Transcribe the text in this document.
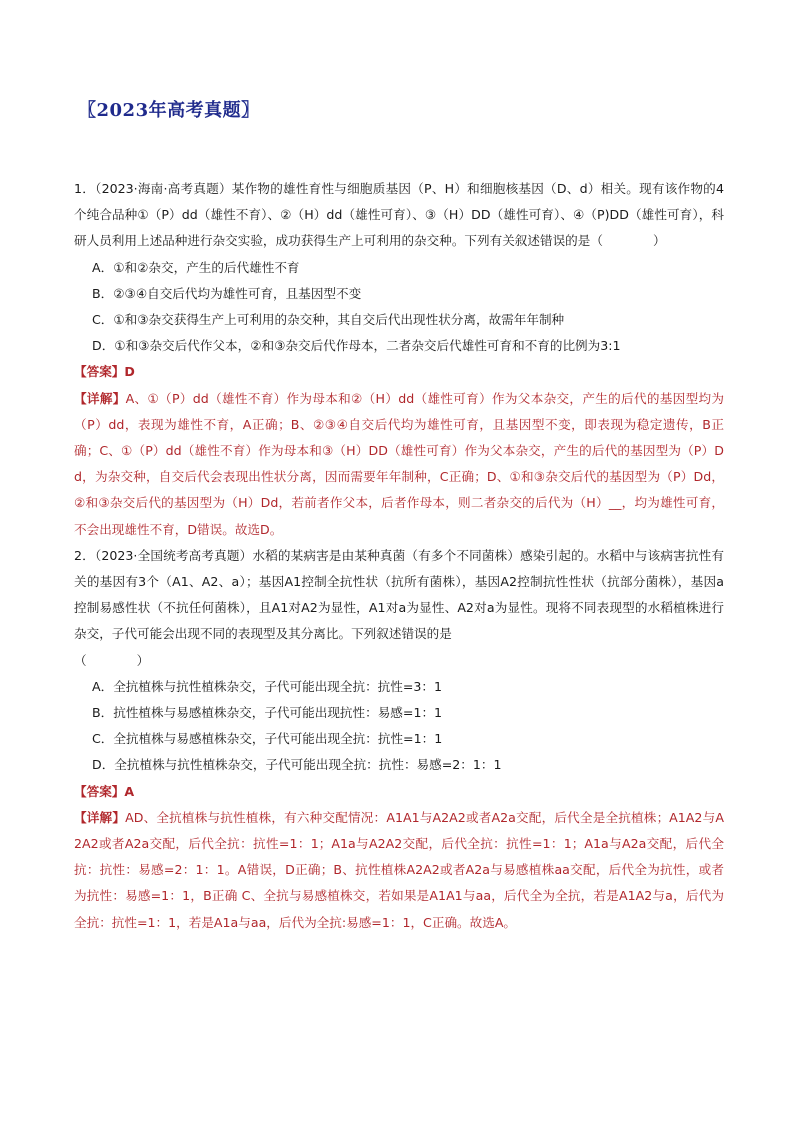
〖2023年高考真题〗

1．（2023·海南·高考真题）某作物的雄性育性与细胞质基因（P、H）和细胞核基因（D、d）相关。现有该作物的4个纯合品种①（P）dd（雄性不育）、②（H）dd（雄性可育）、③（H）DD（雄性可育）、④（P)DD（雄性可育），科研人员利用上述品种进行杂交实验，成功获得生产上可利用的杂交种。下列有关叙述错误的是（	）

A．①和②杂交，产生的后代雄性不育

B．②③④自交后代均为雄性可育，且基因型不变

C．①和③杂交获得生产上可利用的杂交种，其自交后代出现性状分离，故需年年制种

D．①和③杂交后代作父本，②和③杂交后代作母本，二者杂交后代雄性可育和不育的比例为3:1

【答案】D

【详解】A、①（P）dd（雄性不育）作为母本和②（H）dd（雄性可育）作为父本杂交，产生的后代的基因型均为（P）dd，表现为雄性不育，A正确；B、②③④自交后代均为雄性可育，且基因型不变，即表现为稳定遗传，B正确；C、①（P）dd（雄性不育）作为母本和③（H）DD（雄性可育）作为父本杂交，产生的后代的基因型为（P）Dd，为杂交种，自交后代会表现出性状分离，因而需要年年制种，C正确；D、①和③杂交后代的基因型为（P）Dd，②和③杂交后代的基因型为（H）Dd，若前者作父本，后者作母本，则二者杂交的后代为（H）__，均为雄性可育，不会出现雄性不育，D错误。故选D。

2．（2023·全国统考高考真题）水稻的某病害是由某种真菌（有多个不同菌株）感染引起的。水稻中与该病害抗性有关的基因有3个（A1、A2、a）；基因A1控制全抗性状（抗所有菌株），基因A2控制抗性性状（抗部分菌株），基因a控制易感性状（不抗任何菌株），且A1对A2为显性，A1对a为显性、A2对a为显性。现将不同表现型的水稻植株进行杂交，子代可能会出现不同的表现型及其分离比。下列叙述错误的是
（	）

A．全抗植株与抗性植株杂交，子代可能出现全抗：抗性=3：1

B．抗性植株与易感植株杂交，子代可能出现抗性：易感=1：1

C．全抗植株与易感植株杂交，子代可能出现全抗：抗性=1：1

D．全抗植株与抗性植株杂交，子代可能出现全抗：抗性：易感=2：1：1

【答案】A

【详解】AD、全抗植株与抗性植株，有六种交配情况：A1A1与A2A2或者A2a交配，后代全是全抗植株；A1A2与A2A2或者A2a交配，后代全抗：抗性=1：1；A1a与A2A2交配，后代全抗：抗性=1：1；A1a与A2a交配，后代全抗：抗性：易感=2：1：1。A错误，D正确；B、抗性植株A2A2或者A2a与易感植株aa交配，后代全为抗性，或者为抗性：易感=1：1，B正确 C、全抗与易感植株交，若如果是A1A1与aa，后代全为全抗，若是A1A2与a，后代为全抗：抗性=1：1，若是A1a与aa，后代为全抗:易感=1：1，C正确。故选A。
